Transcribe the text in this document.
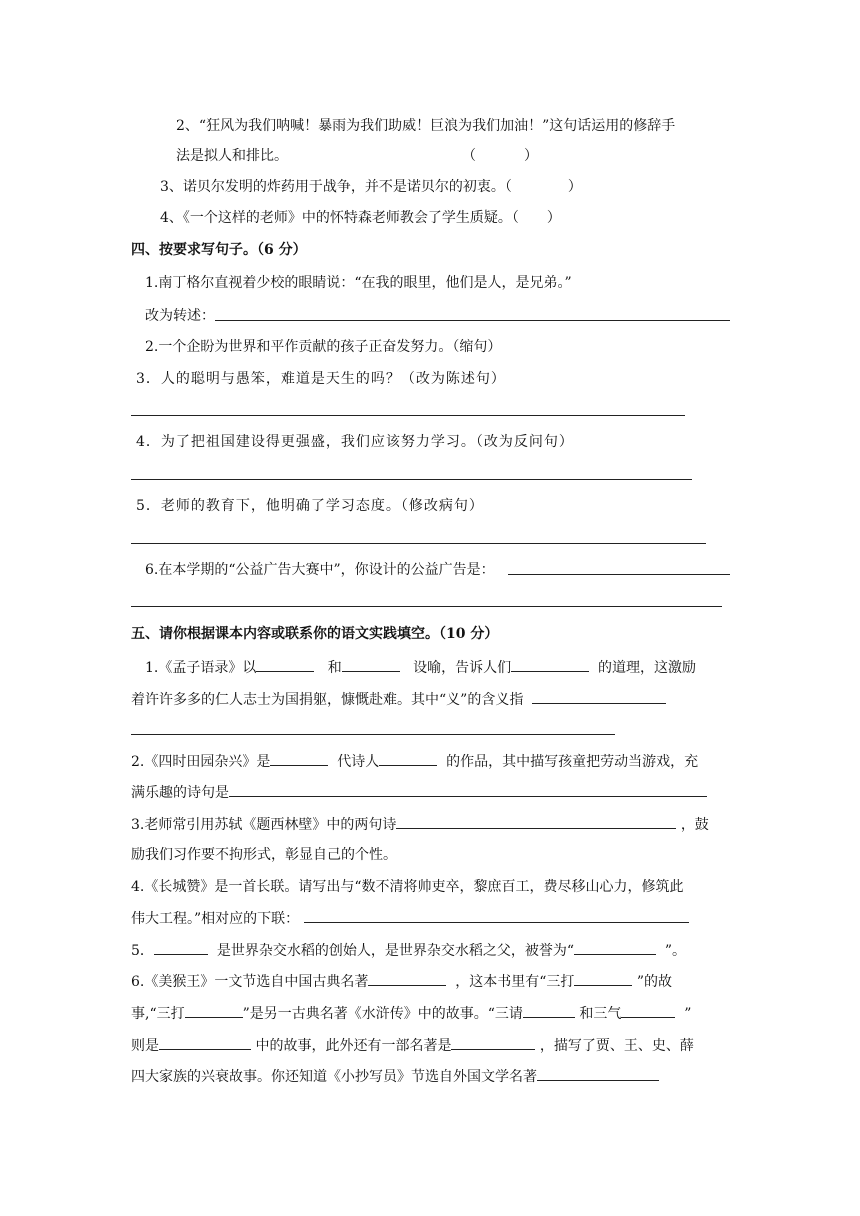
2、“狂风为我们呐喊！暴雨为我们助威！巨浪为我们加油！”这句话运用的修辞手
法是拟人和排比。	（	）
3、诺贝尔发明的炸药用于战争，并不是诺贝尔的初衷。（	）
4、《一个这样的老师》中的怀特森老师教会了学生质疑。（ ）
四、按要求写句子。（6 分）
1.南丁格尔直视着少校的眼睛说：“在我的眼里，他们是人，是兄弟。”
改为转述：
2.一个企盼为世界和平作贡献的孩子正奋发努力。（缩句）
3．人的聪明与愚笨，难道是天生的吗？（改为陈述句）
4．为了把祖国建设得更强盛，我们应该努力学习。（改为反问句）
5．老师的教育下，他明确了学习态度。（修改病句）
6.在本学期的“公益广告大赛中”，你设计的公益广告是：
五、请你根据课本内容或联系你的语文实践填空。（10 分）
1.《孟子语录》以	和	设喻，告诉人们	的道理，这激励
着许许多多的仁人志士为国捐躯，慷慨赴难。其中“义”的含义指
2.《四时田园杂兴》是	代诗人	的作品，其中描写孩童把劳动当游戏，充
满乐趣的诗句是
3.老师常引用苏轼《题西林壁》中的两句诗	，鼓
励我们习作要不拘形式，彰显自己的个性。
4.《长城赞》是一首长联。请写出与“数不清将帅吏卒，黎庶百工，费尽移山心力，修筑此
伟大工程。”相对应的下联：
5．	是世界杂交水稻的创始人，是世界杂交水稻之父，被誉为“	”。
6.《美猴王》一文节选自中国古典名著	，这本书里有“三打	”的故
事,“三打	”是另一古典名著《水浒传》中的故事。“三请	和三气	”
则是	中的故事，此外还有一部名著是	，描写了贾、王、史、薛
四大家族的兴衰故事。你还知道《小抄写员》节选自外国文学名著
